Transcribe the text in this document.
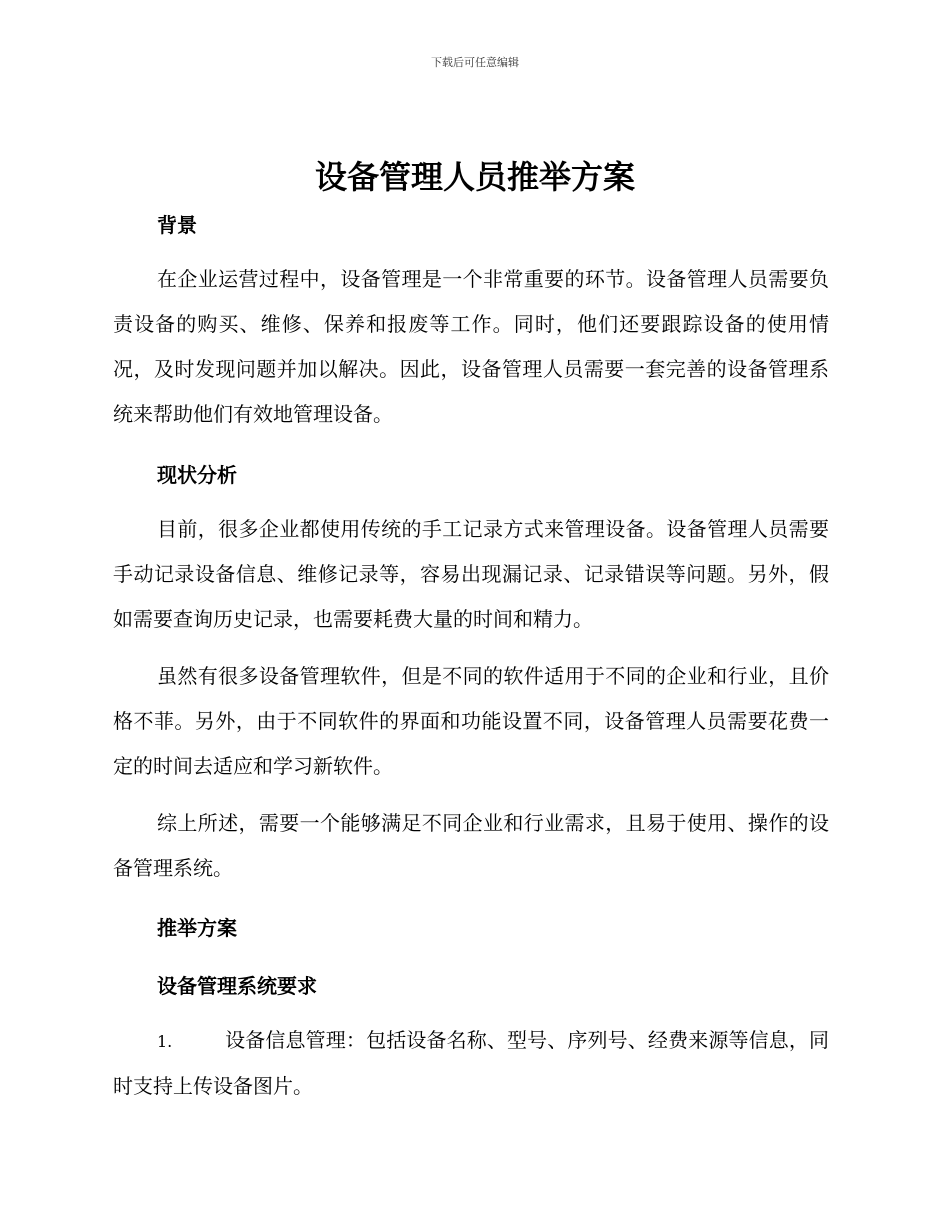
下载后可任意编辑
设备管理人员推举方案
背景
在企业运营过程中，设备管理是一个非常重要的环节。设备管理人员需要负责设备的购买、维修、保养和报废等工作。同时，他们还要跟踪设备的使用情况，及时发现问题并加以解决。因此，设备管理人员需要一套完善的设备管理系统来帮助他们有效地管理设备。
现状分析
目前，很多企业都使用传统的手工记录方式来管理设备。设备管理人员需要手动记录设备信息、维修记录等，容易出现漏记录、记录错误等问题。另外，假如需要查询历史记录，也需要耗费大量的时间和精力。
虽然有很多设备管理软件，但是不同的软件适用于不同的企业和行业，且价格不菲。另外，由于不同软件的界面和功能设置不同，设备管理人员需要花费一定的时间去适应和学习新软件。
综上所述，需要一个能够满足不同企业和行业需求，且易于使用、操作的设备管理系统。
推举方案
设备管理系统要求
1.	设备信息管理：包括设备名称、型号、序列号、经费来源等信息，同时支持上传设备图片。
